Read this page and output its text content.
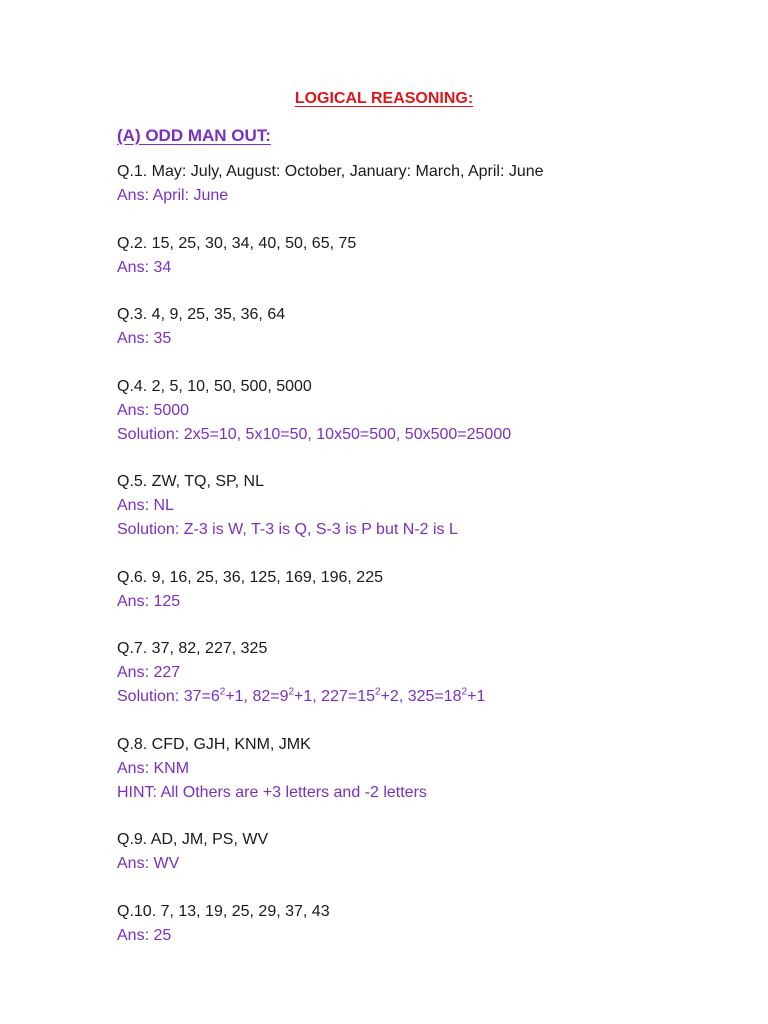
LOGICAL REASONING:
(A) ODD MAN OUT:
Q.1. May: July, August: October, January: March, April: June
Ans: April: June
Q.2. 15, 25, 30, 34, 40, 50, 65, 75
Ans: 34
Q.3. 4, 9, 25, 35, 36, 64
Ans: 35
Q.4. 2, 5, 10, 50, 500, 5000
Ans: 5000
Solution: 2x5=10, 5x10=50, 10x50=500, 50x500=25000
Q.5. ZW, TQ, SP, NL
Ans: NL
Solution: Z-3 is W, T-3 is Q, S-3 is P but N-2 is L
Q.6. 9, 16, 25, 36, 125, 169, 196, 225
Ans: 125
Q.7. 37, 82, 227, 325
Ans: 227
Solution: $37=6^2+1$, $82=9^2+1$, $227=15^2+2$, $325=18^2+1$
Q.8. CFD, GJH, KNM, JMK
Ans: KNM
HINT: All Others are +3 letters and -2 letters
Q.9. AD, JM, PS, WV
Ans: WV
Q.10. 7, 13, 19, 25, 29, 37, 43
Ans: 25
